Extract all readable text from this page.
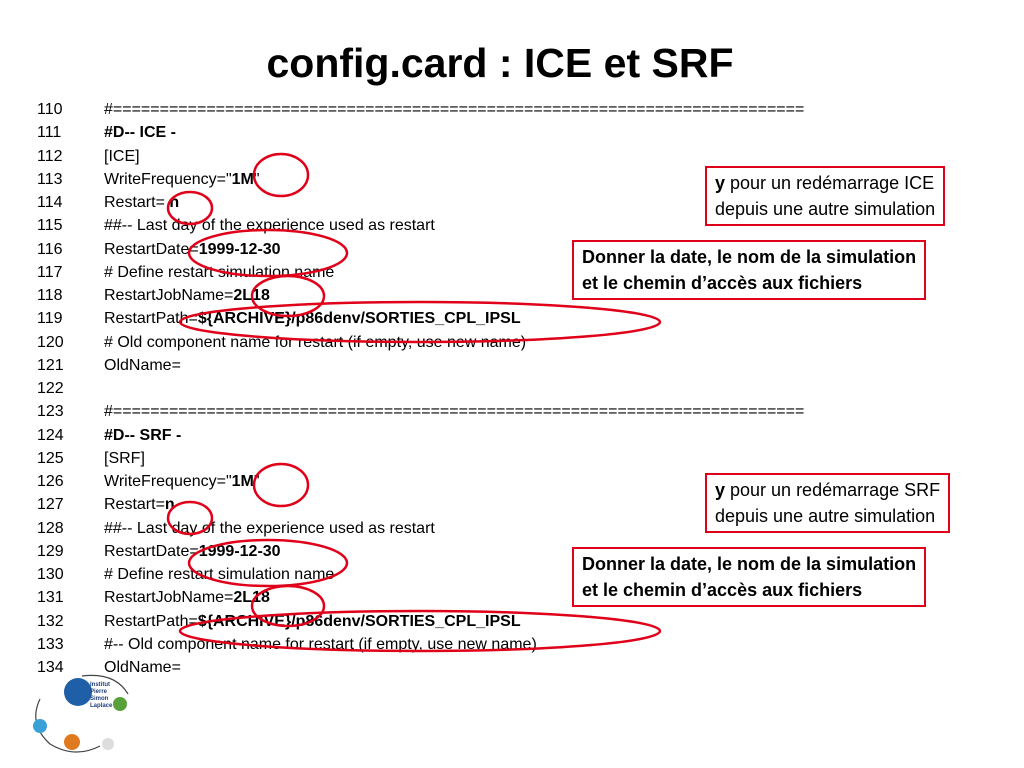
config.card : ICE et SRF
110	#==========================================================================
111	#D-- ICE -
112	[ICE]
113	WriteFrequency="1M"
114	Restart= n
115	##-- Last day of the experience used as restart
116	RestartDate=1999-12-30
117	# Define restart simulation name
118	RestartJobName=2L18
119	RestartPath=${ARCHIVE}/p86denv/SORTIES_CPL_IPSL
120	# Old component name for restart (if empty, use new name)
121	OldName=
122
123	#==========================================================================
124	#D-- SRF -
125	[SRF]
126	WriteFrequency="1M"
127	Restart=n
128	##-- Last day of the experience used as restart
129	RestartDate=1999-12-30
130	# Define restart simulation name
131	RestartJobName=2L18
132	RestartPath=${ARCHIVE}/p86denv/SORTIES_CPL_IPSL
133	#-- Old component name for restart (if empty, use new name)
134	OldName=
y pour un redémarrage ICE
depuis une autre simulation
Donner la date, le nom de la simulation
et le chemin d’accès aux fichiers
y pour un redémarrage SRF
depuis une autre simulation
Donner la date, le nom de la simulation
et le chemin d’accès aux fichiers
Institut
Pierre
Simon
Laplace
